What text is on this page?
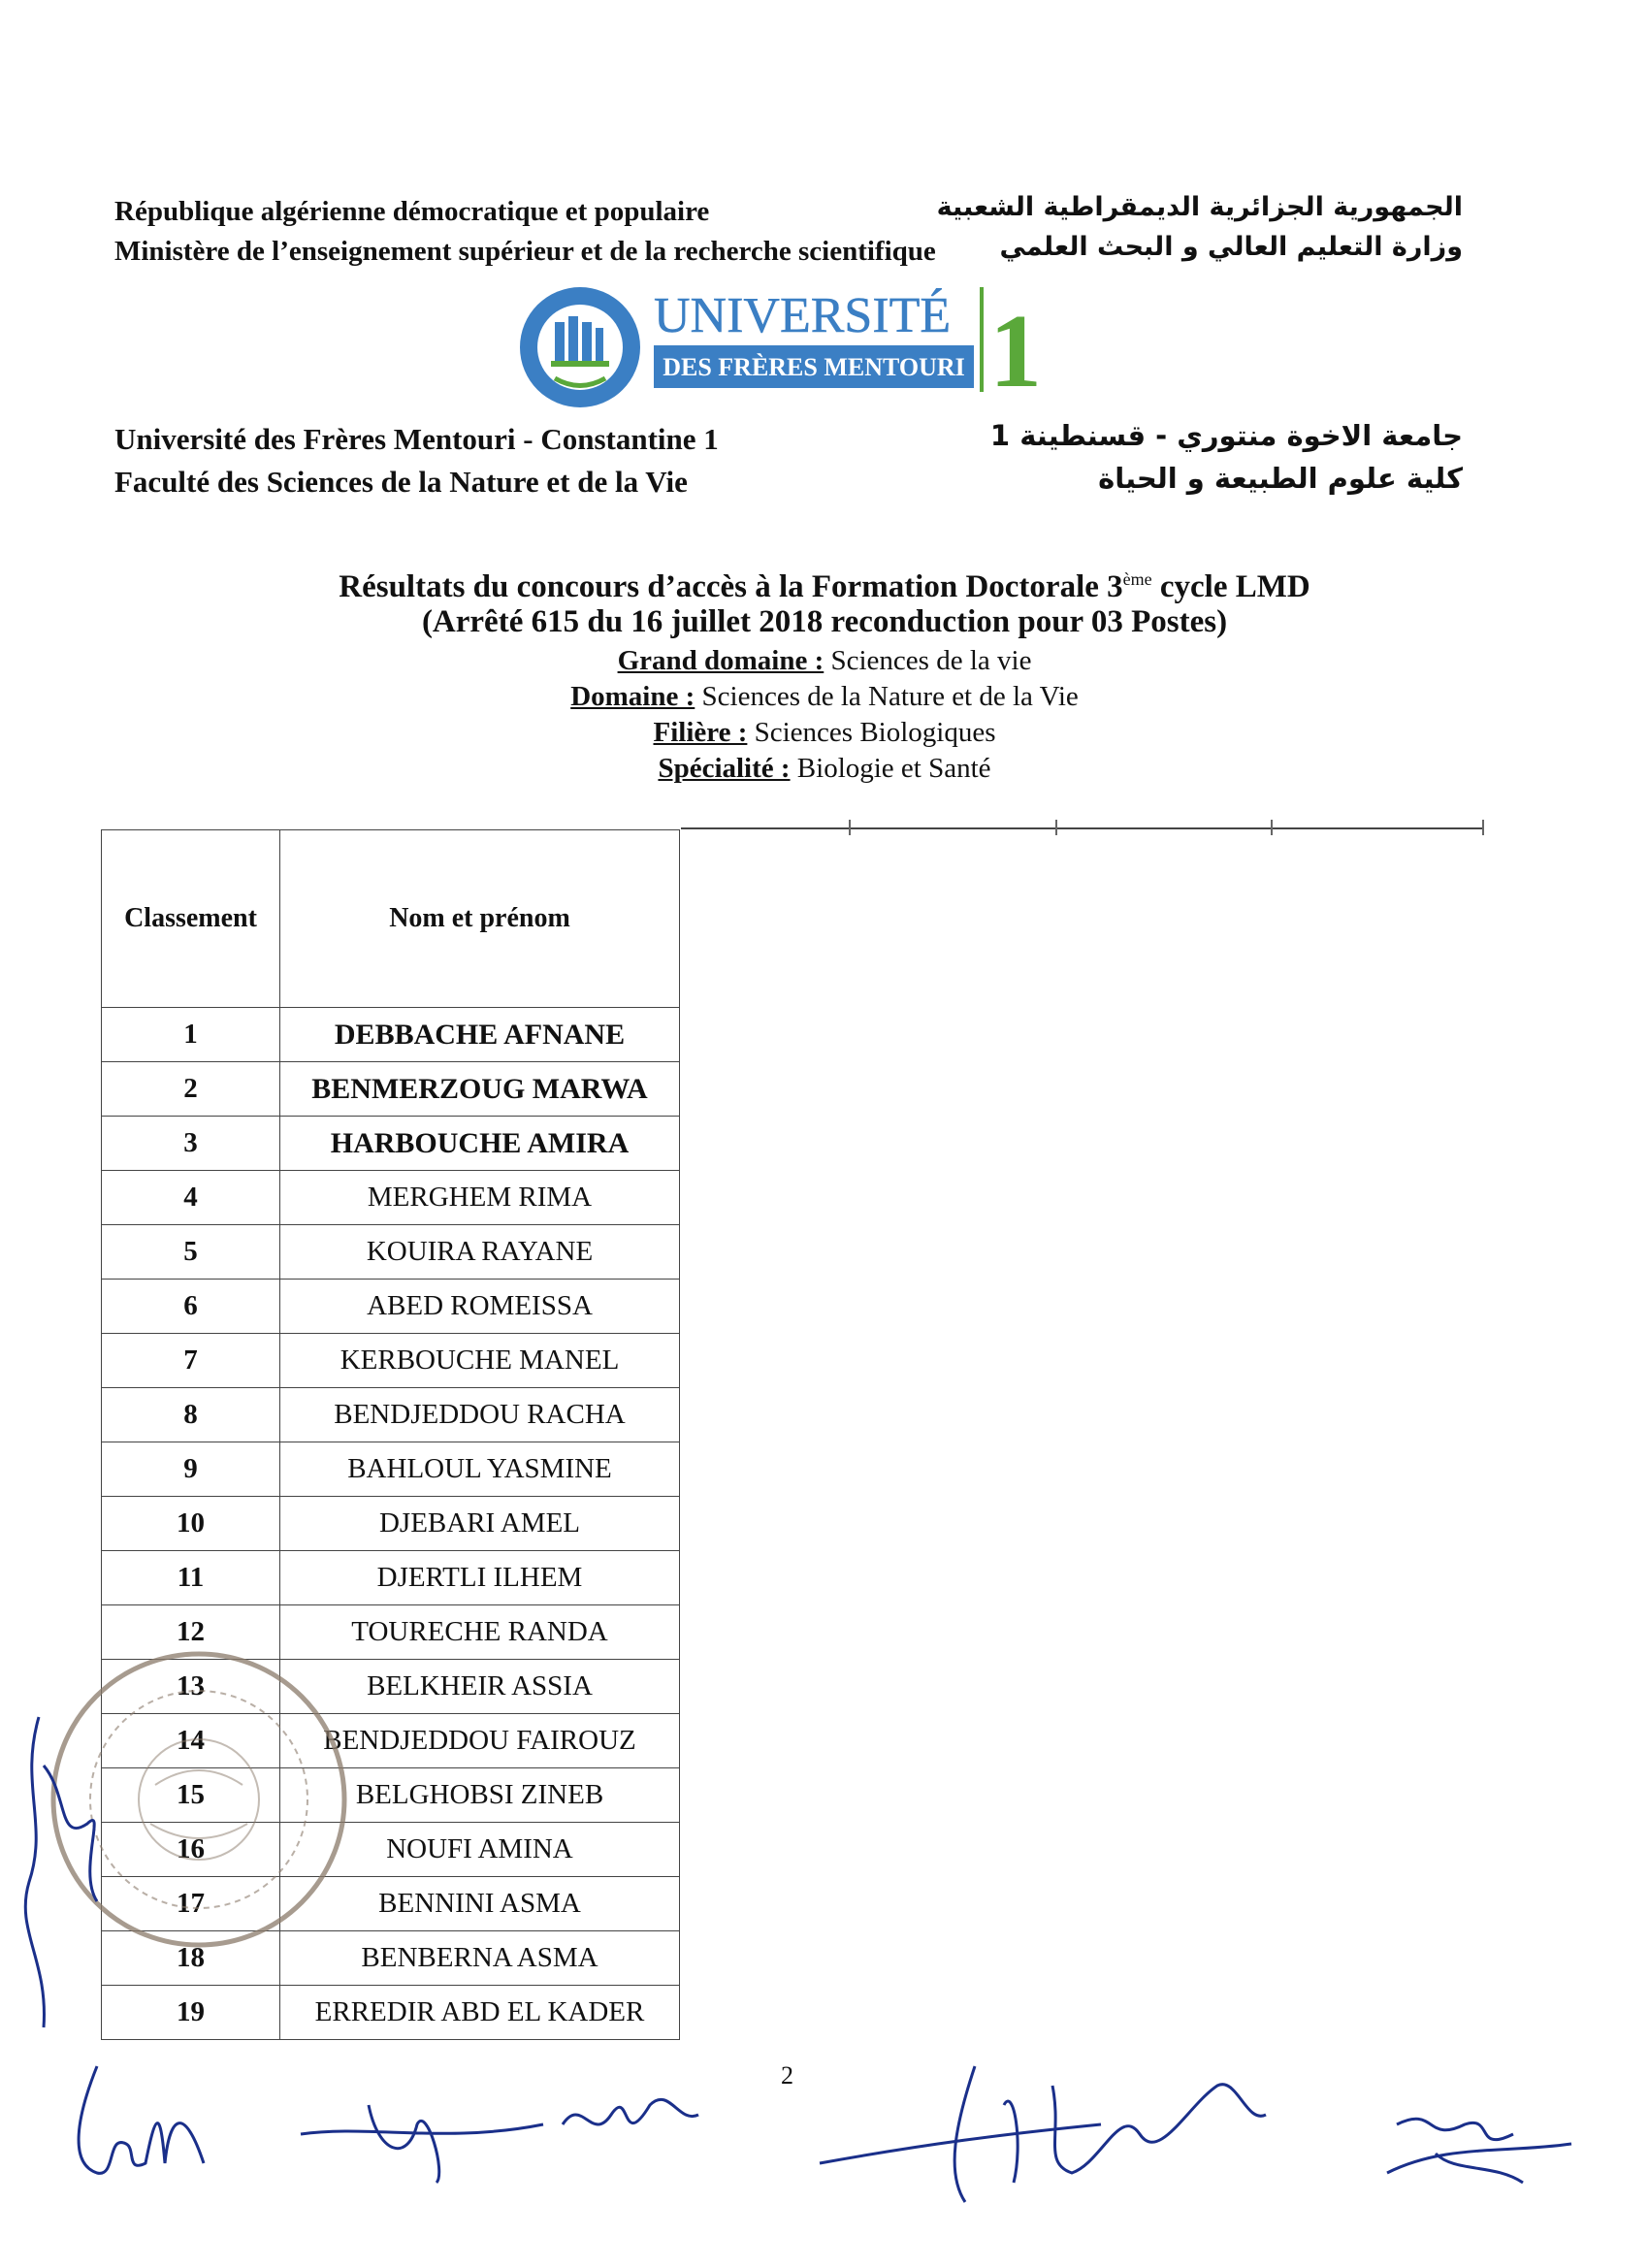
République algérienne démocratique et populaire
Ministère de l’enseignement supérieur et de la recherche scientifique
الجمهورية الجزائرية الديمقراطية الشعبية
وزارة التعليم العالي و البحث العلمي
UNIVERSITÉ
DES FRÈRES MENTOURI 1
Université des Frères Mentouri - Constantine 1
Faculté des Sciences de la Nature et de la Vie
جامعة الاخوة منتوري - قسنطينة 1
كلية علوم الطبيعة و الحياة
Résultats du concours d’accès à la Formation Doctorale 3ème cycle LMD
(Arrêté 615 du 16 juillet 2018 reconduction pour 03 Postes)
Grand domaine : Sciences de la vie
Domaine : Sciences de la Nature et de la Vie
Filière : Sciences Biologiques
Spécialité : Biologie et Santé
Classement	Nom et prénom
1	DEBBACHE AFNANE
2	BENMERZOUG MARWA
3	HARBOUCHE AMIRA
4	MERGHEM RIMA
5	KOUIRA RAYANE
6	ABED ROMEISSA
7	KERBOUCHE MANEL
8	BENDJEDDOU RACHA
9	BAHLOUL YASMINE
10	DJEBARI AMEL
11	DJERTLI ILHEM
12	TOURECHE RANDA
13	BELKHEIR ASSIA
14	BENDJEDDOU FAIROUZ
15	BELGHOBSI ZINEB
16	NOUFI AMINA
17	BENNINI ASMA
18	BENBERNA ASMA
19	ERREDIR ABD EL KADER
2
